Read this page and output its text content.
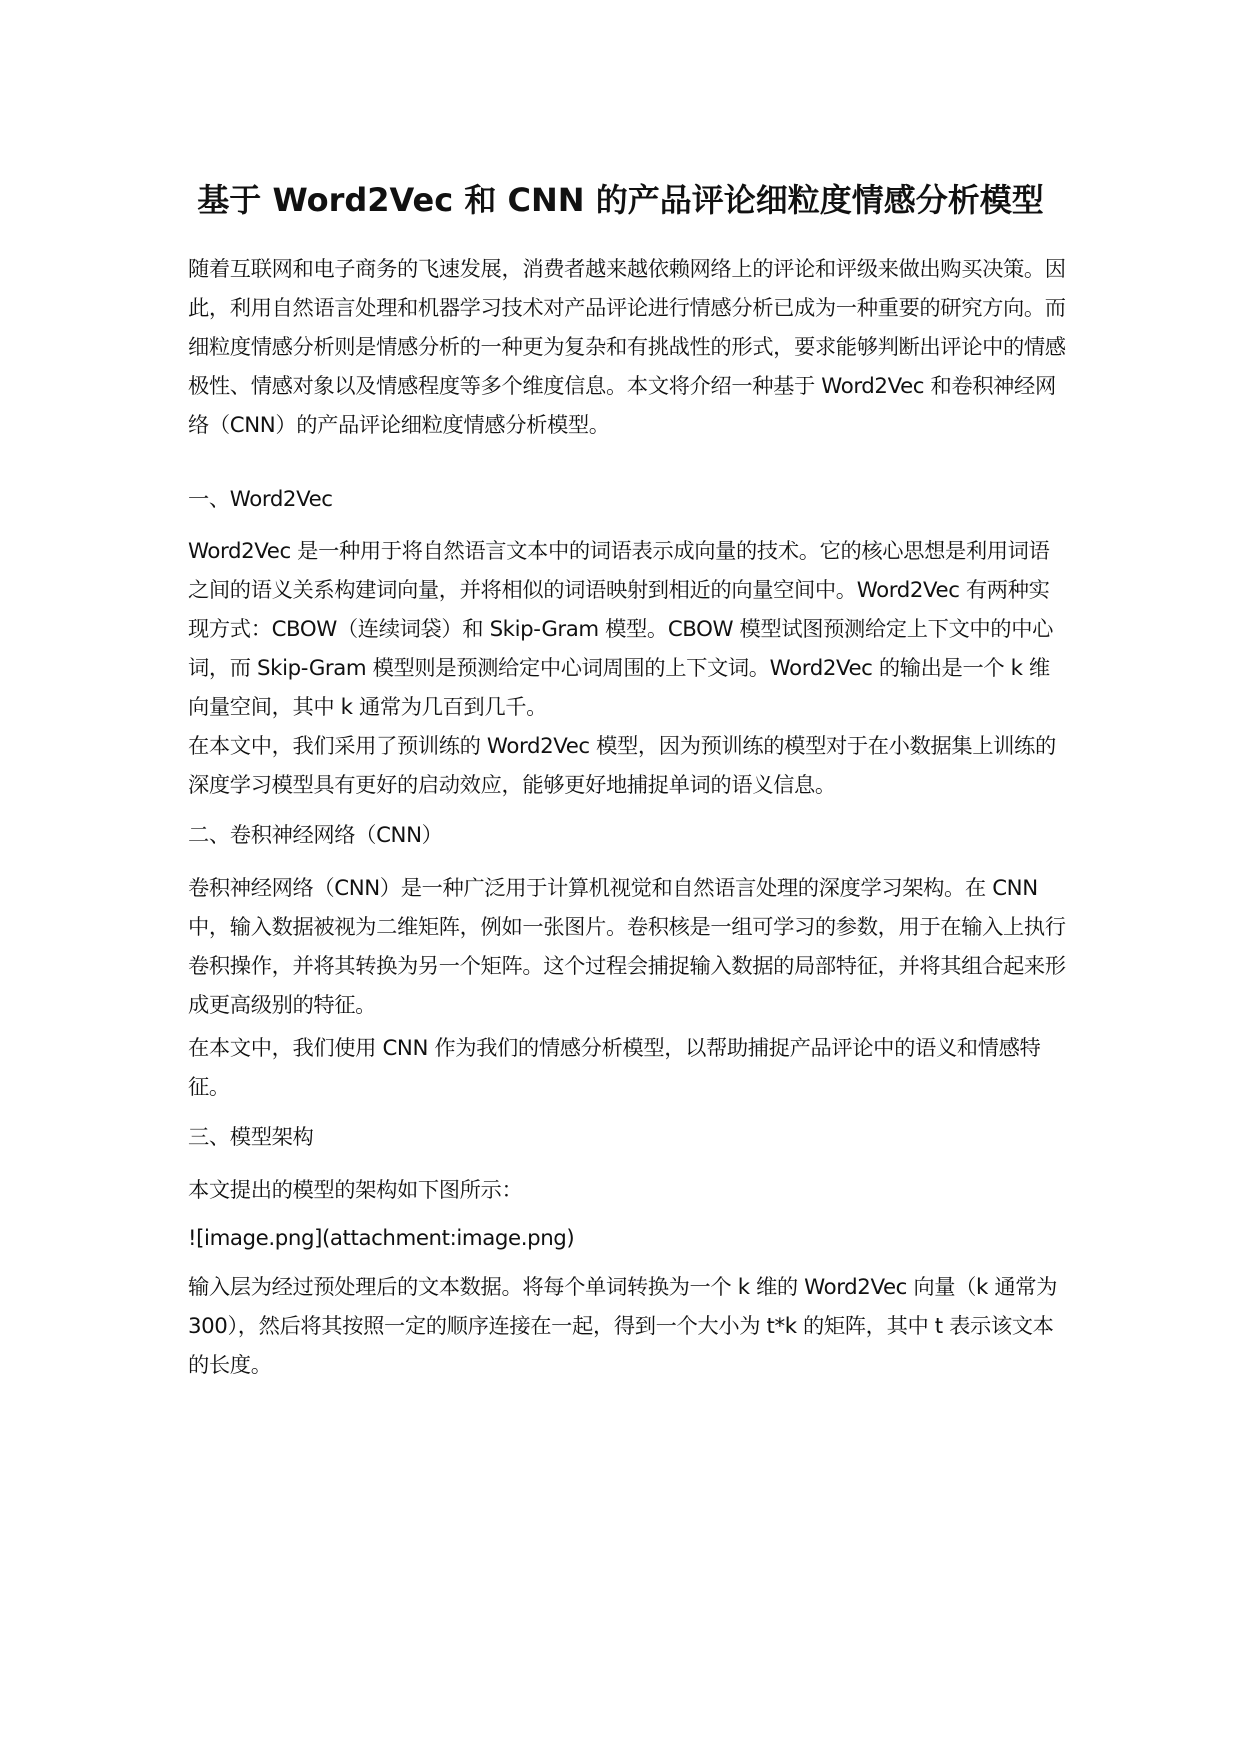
基于 Word2Vec 和 CNN 的产品评论细粒度情感分析模型

随着互联网和电子商务的飞速发展，消费者越来越依赖网络上的评论和评级来做出购买决策。因此，利用自然语言处理和机器学习技术对产品评论进行情感分析已成为一种重要的研究方向。而细粒度情感分析则是情感分析的一种更为复杂和有挑战性的形式，要求能够判断出评论中的情感极性、情感对象以及情感程度等多个维度信息。本文将介绍一种基于 Word2Vec 和卷积神经网络（CNN）的产品评论细粒度情感分析模型。

一、Word2Vec

Word2Vec 是一种用于将自然语言文本中的词语表示成向量的技术。它的核心思想是利用词语之间的语义关系构建词向量，并将相似的词语映射到相近的向量空间中。Word2Vec 有两种实现方式：CBOW（连续词袋）和 Skip-Gram 模型。CBOW 模型试图预测给定上下文中的中心词，而 Skip-Gram 模型则是预测给定中心词周围的上下文词。Word2Vec 的输出是一个 k 维向量空间，其中 k 通常为几百到几千。

在本文中，我们采用了预训练的 Word2Vec 模型，因为预训练的模型对于在小数据集上训练的深度学习模型具有更好的启动效应，能够更好地捕捉单词的语义信息。

二、卷积神经网络（CNN）

卷积神经网络（CNN）是一种广泛用于计算机视觉和自然语言处理的深度学习架构。在 CNN 中，输入数据被视为二维矩阵，例如一张图片。卷积核是一组可学习的参数，用于在输入上执行卷积操作，并将其转换为另一个矩阵。这个过程会捕捉输入数据的局部特征，并将其组合起来形成更高级别的特征。

在本文中，我们使用 CNN 作为我们的情感分析模型，以帮助捕捉产品评论中的语义和情感特征。

三、模型架构

本文提出的模型的架构如下图所示：

![image.png](attachment:image.png)

输入层为经过预处理后的文本数据。将每个单词转换为一个 k 维的 Word2Vec 向量（k 通常为 300），然后将其按照一定的顺序连接在一起，得到一个大小为 t*k 的矩阵，其中 t 表示该文本的长度。
